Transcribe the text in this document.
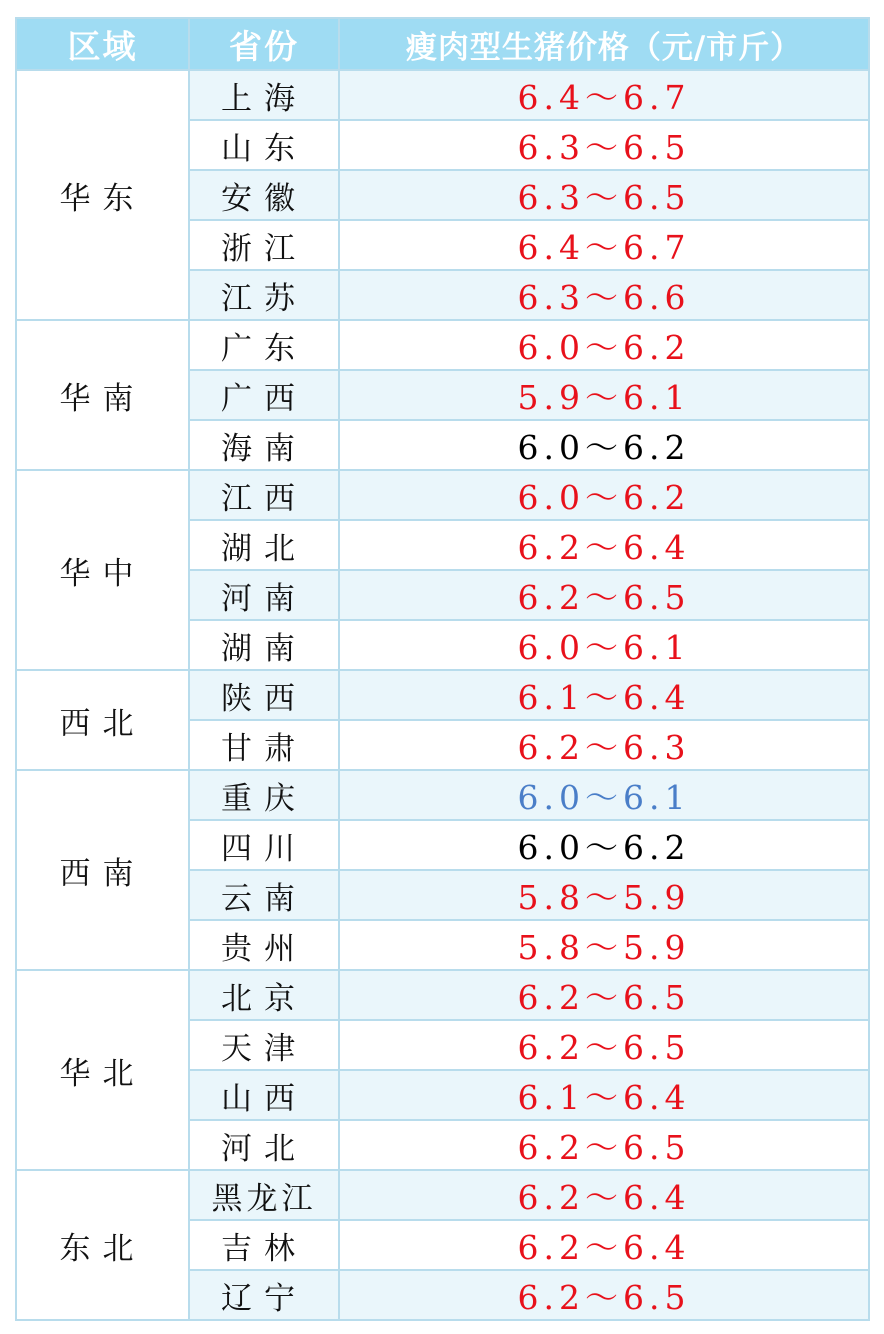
区域	省份	瘦肉型生猪价格（元/市斤）
华东	上海	6.4～6.7
	山东	6.3～6.5
	安徽	6.3～6.5
	浙江	6.4～6.7
	江苏	6.3～6.6
华南	广东	6.0～6.2
	广西	5.9～6.1
	海南	6.0～6.2
华中	江西	6.0～6.2
	湖北	6.2～6.4
	河南	6.2～6.5
	湖南	6.0～6.1
西北	陕西	6.1～6.4
	甘肃	6.2～6.3
西南	重庆	6.0～6.1
	四川	6.0～6.2
	云南	5.8～5.9
	贵州	5.8～5.9
华北	北京	6.2～6.5
	天津	6.2～6.5
	山西	6.1～6.4
	河北	6.2～6.5
东北	黑龙江	6.2～6.4
	吉林	6.2～6.4
	辽宁	6.2～6.5
